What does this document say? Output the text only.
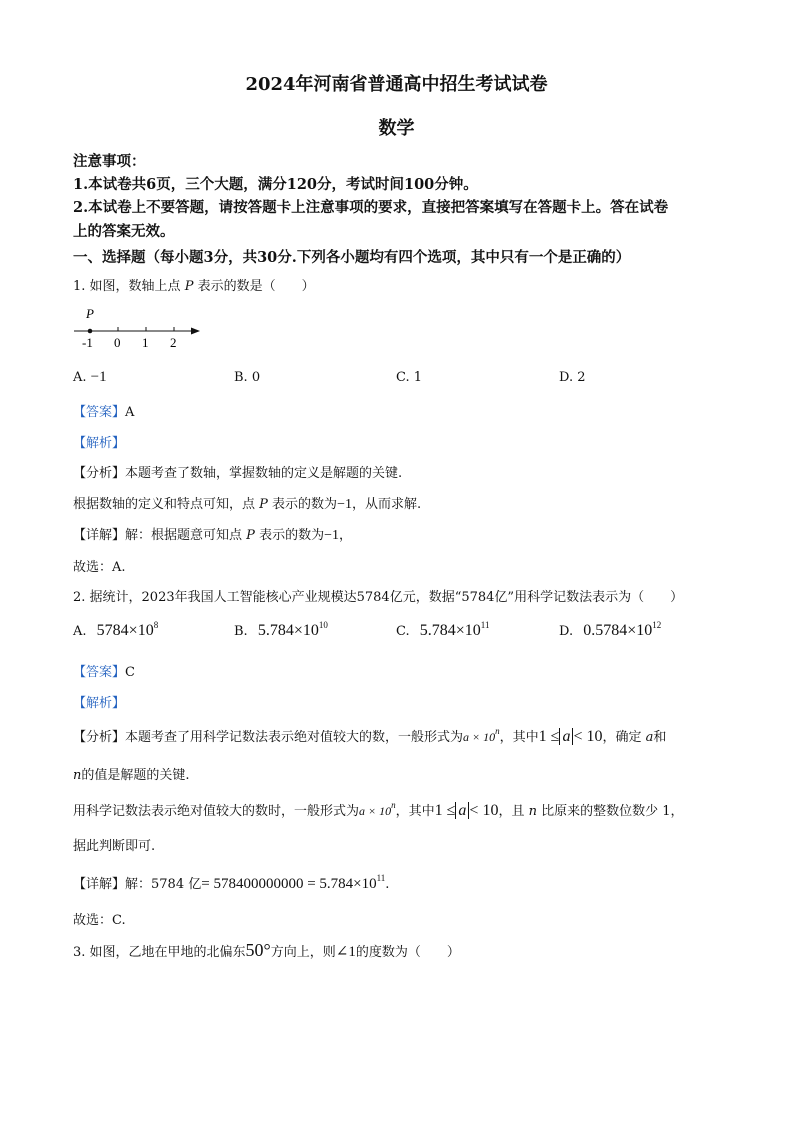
2024年河南省普通高中招生考试试卷
数学
注意事项：
1.本试卷共6页，三个大题，满分120分，考试时间100分钟。
2.本试卷上不要答题，请按答题卡上注意事项的要求，直接把答案填写在答题卡上。答在试卷
上的答案无效。
一、选择题（每小题3分，共30分.下列各小题均有四个选项，其中只有一个是正确的）
1. 如图，数轴上点 P 表示的数是（　　）
P
-1 0 1 2
A. −1	B. 0	C. 1	D. 2
【答案】A
【解析】
【分析】本题考查了数轴，掌握数轴的定义是解题的关键.
根据数轴的定义和特点可知，点 P 表示的数为−1，从而求解.
【详解】解：根据题意可知点 P 表示的数为−1，
故选：A.
2. 据统计，2023年我国人工智能核心产业规模达5784亿元，数据“5784亿”用科学记数法表示为（　　）
A. $5784\times 10^8$	B. $5.784\times 10^{10}$	C. $5.784\times 10^{11}$	D. $0.5784\times 10^{12}$
【答案】C
【解析】
【分析】本题考查了用科学记数法表示绝对值较大的数，一般形式为$a \times 10^n$，其中1 ≤ a < 10，确定 a和
n的值是解题的关键.
用科学记数法表示绝对值较大的数时，一般形式为$a \times 10^n$，其中1 ≤ a < 10，且 n 比原来的整数位数少 1，
据此判断即可.
【详解】解：5784 亿= $578400000000 = 5.784\times 10^{11}$.
故选：C.
3. 如图，乙地在甲地的北偏东50°方向上，则∠1的度数为（　　）
